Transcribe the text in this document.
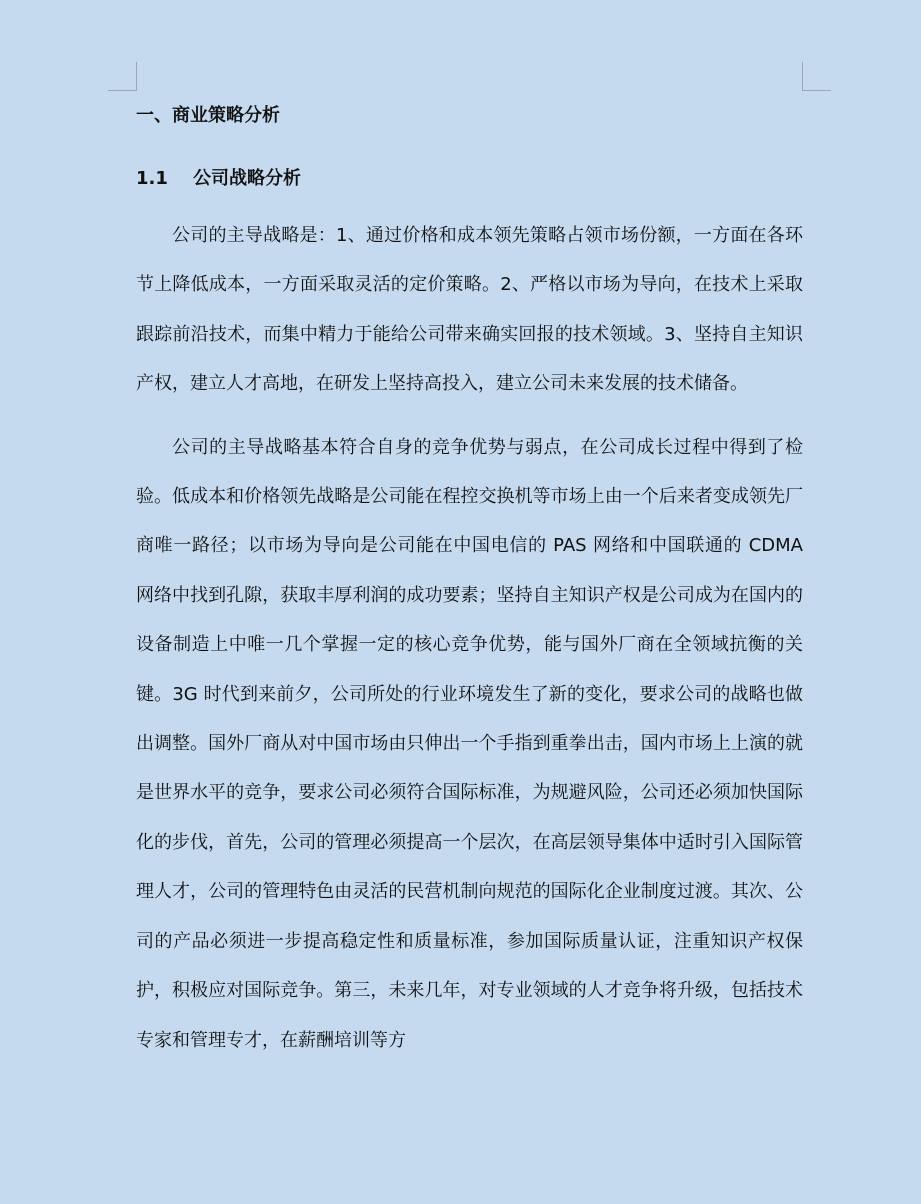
一、商业策略分析
1.1    公司战略分析

公司的主导战略是：1、通过价格和成本领先策略占领市场份额，一方面在各环节上降低成本，一方面采取灵活的定价策略。2、严格以市场为导向，在技术上采取跟踪前沿技术，而集中精力于能给公司带来确实回报的技术领域。3、坚持自主知识产权，建立人才高地，在研发上坚持高投入，建立公司未来发展的技术储备。

公司的主导战略基本符合自身的竞争优势与弱点，在公司成长过程中得到了检验。低成本和价格领先战略是公司能在程控交换机等市场上由一个后来者变成领先厂商唯一路径；以市场为导向是公司能在中国电信的 PAS 网络和中国联通的 CDMA 网络中找到孔隙，获取丰厚利润的成功要素；坚持自主知识产权是公司成为在国内的设备制造上中唯一几个掌握一定的核心竞争优势，能与国外厂商在全领域抗衡的关键。3G 时代到来前夕，公司所处的行业环境发生了新的变化，要求公司的战略也做出调整。国外厂商从对中国市场由只伸出一个手指到重拳出击，国内市场上上演的就是世界水平的竞争，要求公司必须符合国际标准，为规避风险，公司还必须加快国际化的步伐，首先，公司的管理必须提高一个层次，在高层领导集体中适时引入国际管理人才，公司的管理特色由灵活的民营机制向规范的国际化企业制度过渡。其次、公司的产品必须进一步提高稳定性和质量标准，参加国际质量认证，注重知识产权保护，积极应对国际竞争。第三，未来几年，对专业领域的人才竞争将升级，包括技术专家和管理专才，在薪酬培训等方
